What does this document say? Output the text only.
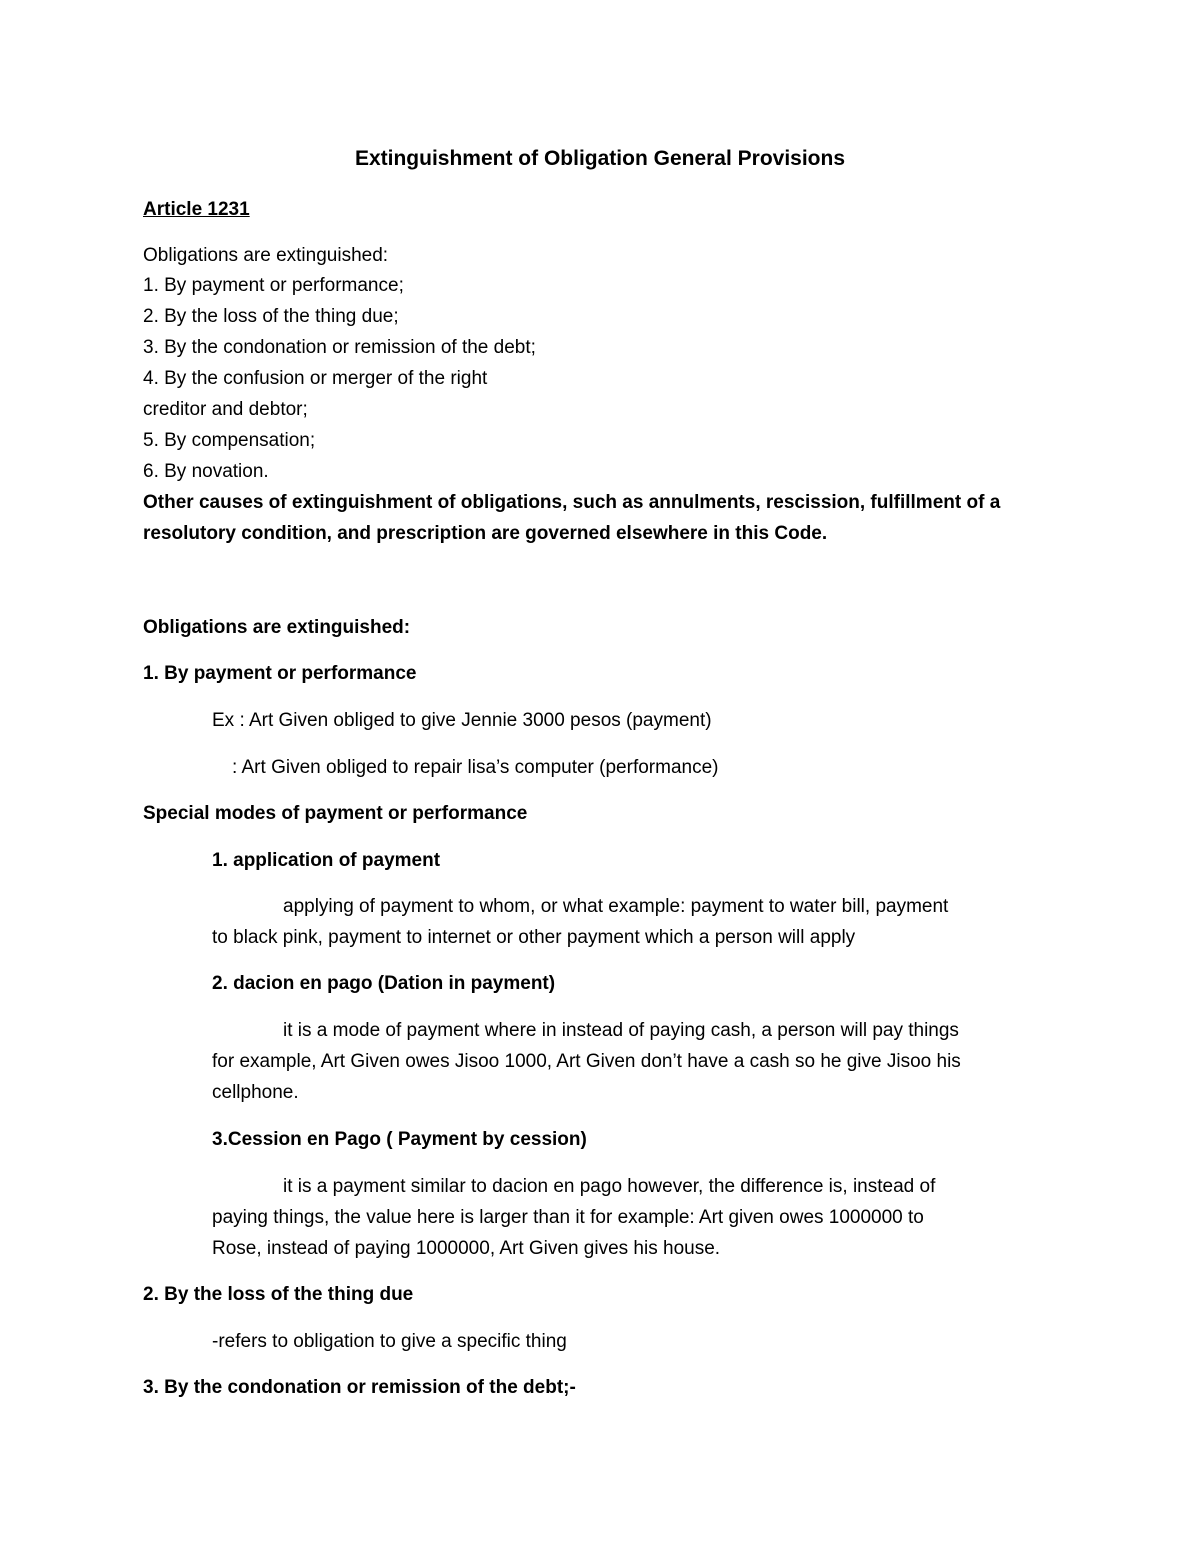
Extinguishment of Obligation General Provisions

Article 1231

Obligations are extinguished:

1. By payment or performance;

2. By the loss of the thing due;

3. By the condonation or remission of the debt;

4. By the confusion or merger of the right

creditor and debtor;

5. By compensation;

6. By novation.

Other causes of extinguishment of obligations, such as annulments, rescission, fulfillment of a

resolutory condition, and prescription are governed elsewhere in this Code.

Obligations are extinguished:

1. By payment or performance

Ex : Art Given obliged to give Jennie 3000 pesos (payment)

: Art Given obliged to repair lisa’s computer (performance)

Special modes of payment or performance

1. application of payment

applying of payment to whom, or what example: payment to water bill, payment

to black pink, payment to internet or other payment which a person will apply

2. dacion en pago (Dation in payment)

it is a mode of payment where in instead of paying cash, a person will pay things

for example, Art Given owes Jisoo 1000, Art Given don’t have a cash so he give Jisoo his

cellphone.

3.Cession en Pago ( Payment by cession)

it is a payment similar to dacion en pago however, the difference is, instead of

paying things, the value here is larger than it for example: Art given owes 1000000 to

Rose, instead of paying 1000000, Art Given gives his house.

2. By the loss of the thing due

-refers to obligation to give a specific thing

3. By the condonation or remission of the debt;-
